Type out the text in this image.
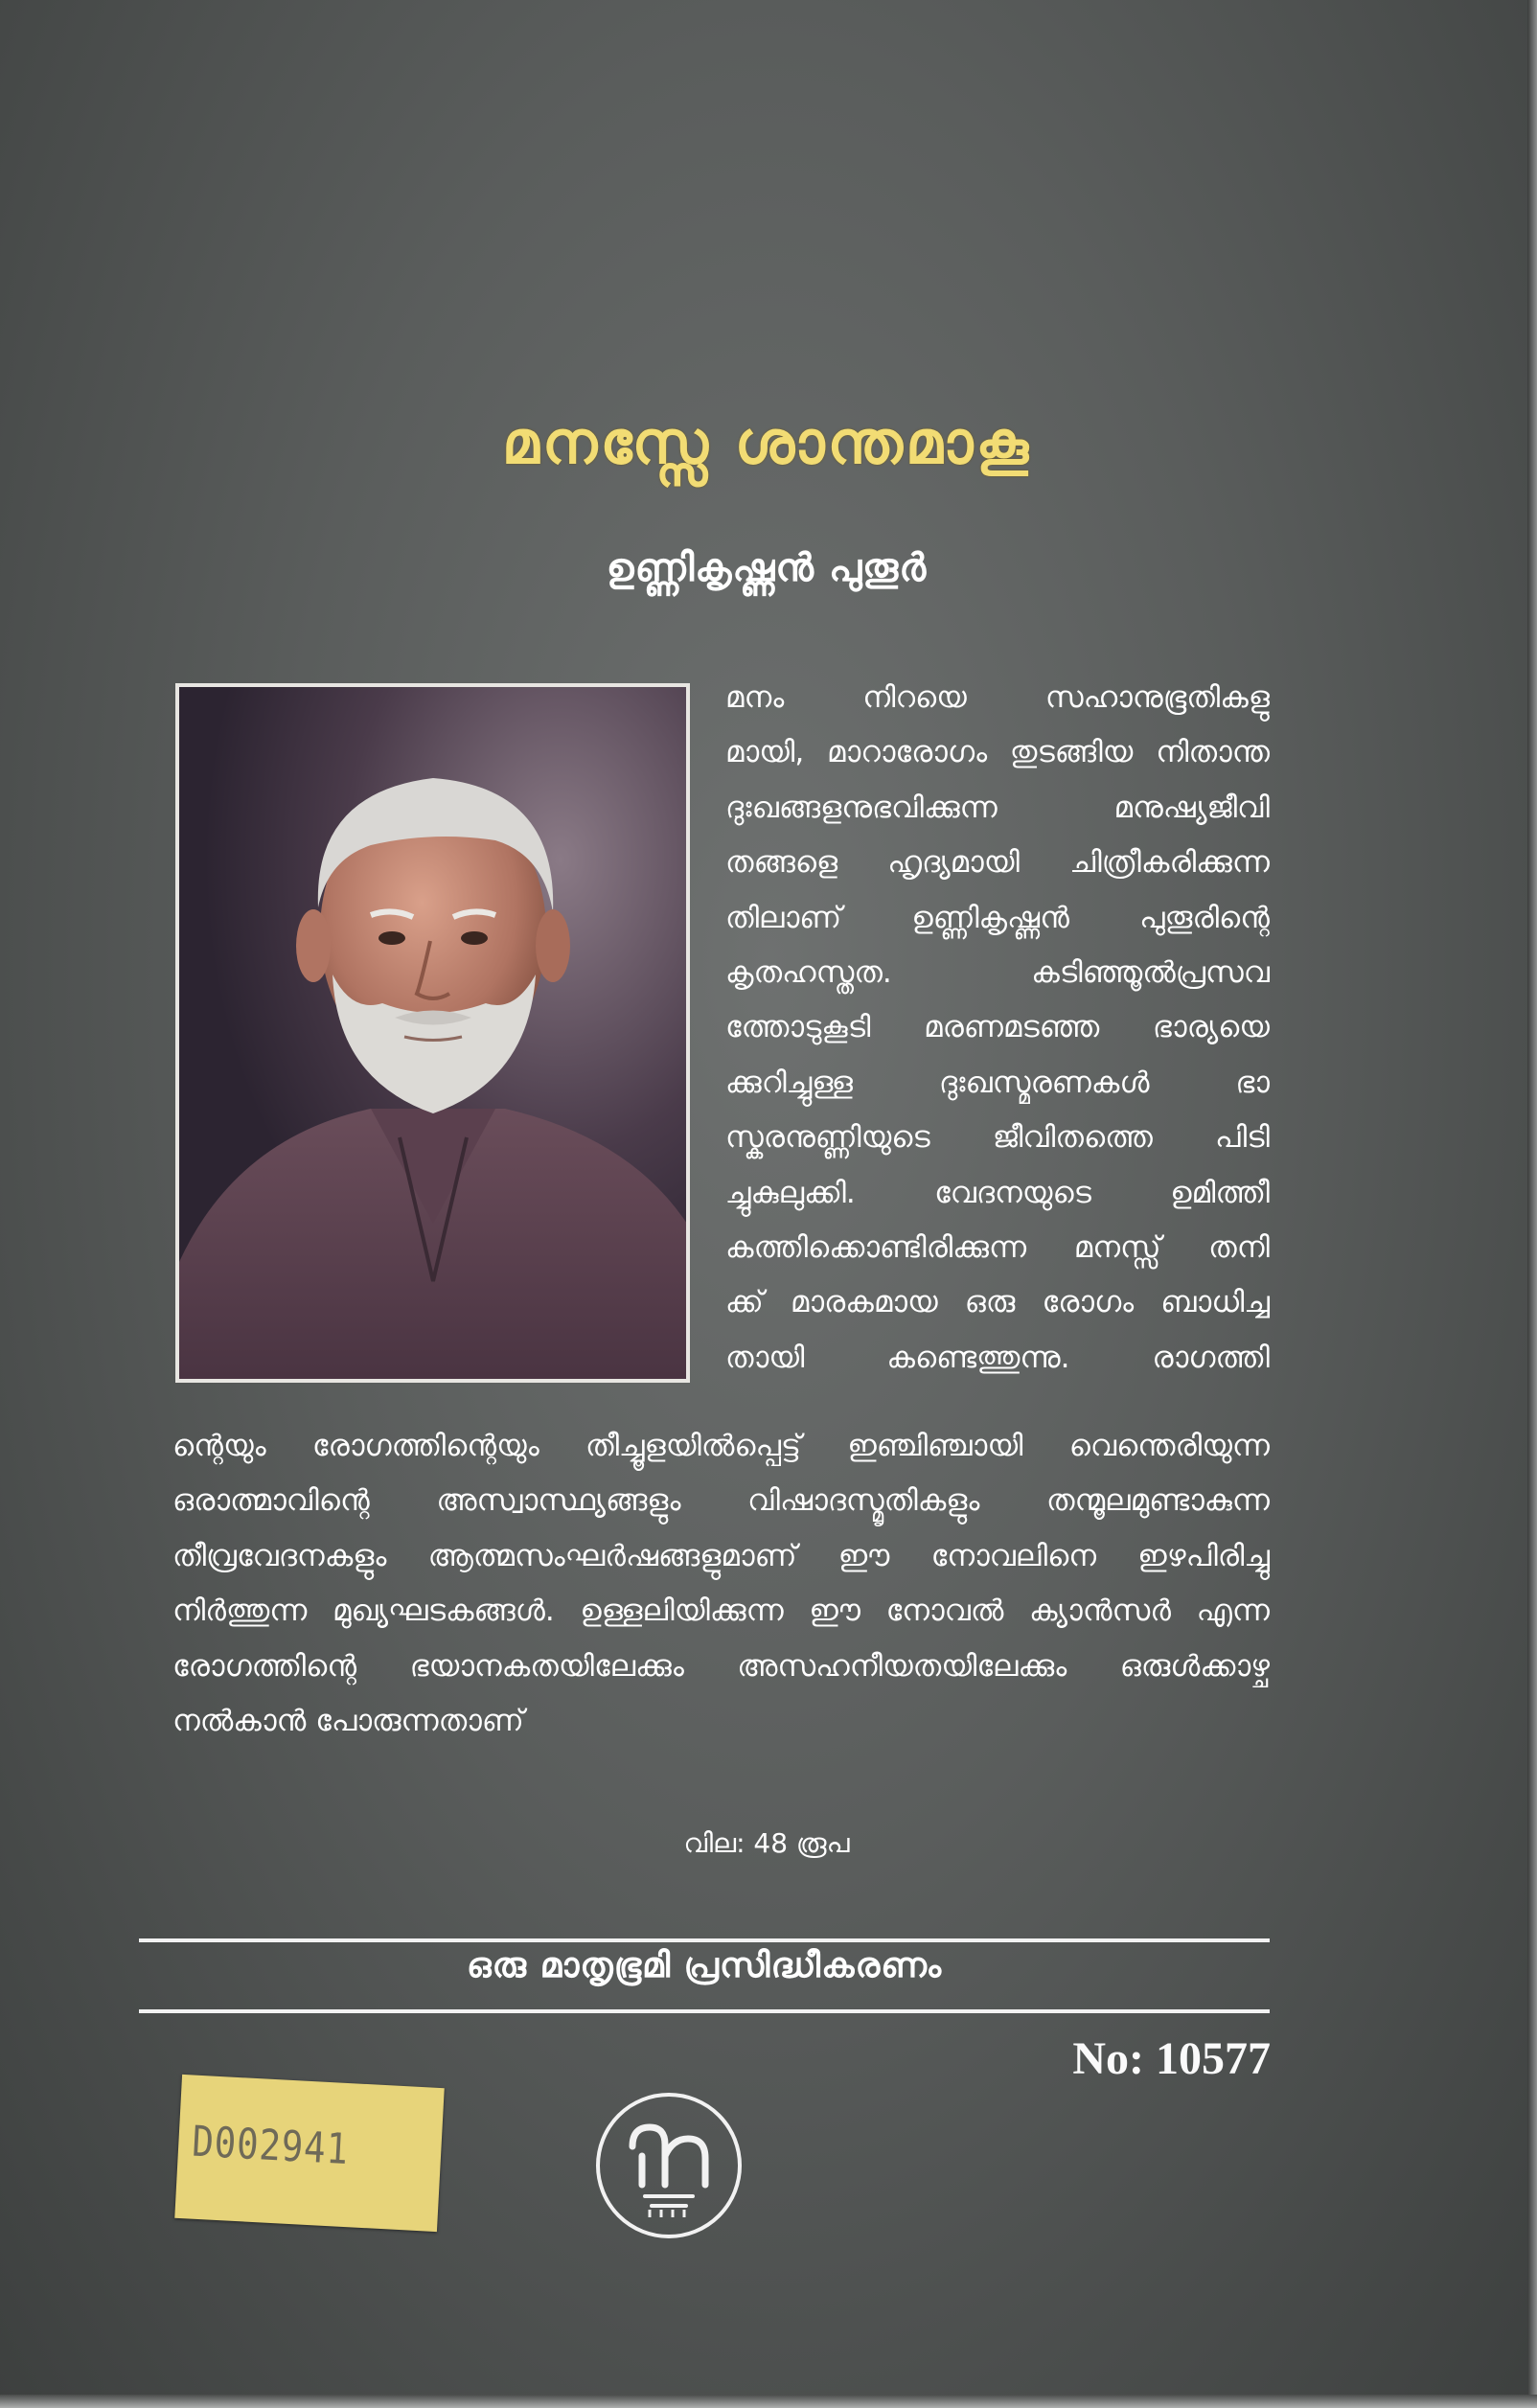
മനസ്സേ ശാന്തമാകൂ
ഉണ്ണികൃഷ്ണൻ പുതൂർ
മനം നിറയെ സഹാനുഭൂതികളു
മായി, മാറാരോഗം തുടങ്ങിയ നിതാന്ത
ദുഃഖങ്ങളനുഭവിക്കുന്ന മനുഷ്യജീവി
തങ്ങളെ ഹൃദ്യമായി ചിത്രീകരിക്കുന്ന
തിലാണ് ഉണ്ണികൃഷ്ണൻ പുതൂരിന്റെ
കൃതഹസ്തത. കടിഞ്ഞൂൽപ്രസവ
ത്തോടുകൂടി മരണമടഞ്ഞ ഭാര്യയെ
ക്കുറിച്ചുള്ള ദുഃഖസ്മരണകൾ ഭാ
സ്കരനുണ്ണിയുടെ ജീവിതത്തെ പിടി
ച്ചുകുലുക്കി. വേദനയുടെ ഉമിത്തീ
കത്തിക്കൊണ്ടിരിക്കുന്ന മനസ്സ് തനി
ക്ക് മാരകമായ ഒരു രോഗം ബാധിച്ച
തായി കണ്ടെത്തുന്നു. രാഗത്തി
ന്റെയും രോഗത്തിന്റെയും തീച്ചൂളയിൽപ്പെട്ട് ഇഞ്ചിഞ്ചായി വെന്തെരിയുന്ന
ഒരാത്മാവിന്റെ അസ്വാസ്ഥ്യങ്ങളും വിഷാദസ്മൃതികളും തന്മൂലമുണ്ടാകുന്ന
തീവ്രവേദനകളും ആത്മസംഘർഷങ്ങളുമാണ് ഈ നോവലിനെ ഇഴപിരിച്ചു
നിർത്തുന്ന മുഖ്യഘടകങ്ങൾ. ഉള്ളലിയിക്കുന്ന ഈ നോവൽ ക്യാൻസർ എന്ന
രോഗത്തിന്റെ ഭയാനകതയിലേക്കും അസഹനീയതയിലേക്കും ഒരുൾക്കാഴ്ച
നൽകാൻ പോരുന്നതാണ്
വില: 48 രൂപ
ഒരു മാതൃഭൂമി പ്രസിദ്ധീകരണം
No: 10577
D002941
